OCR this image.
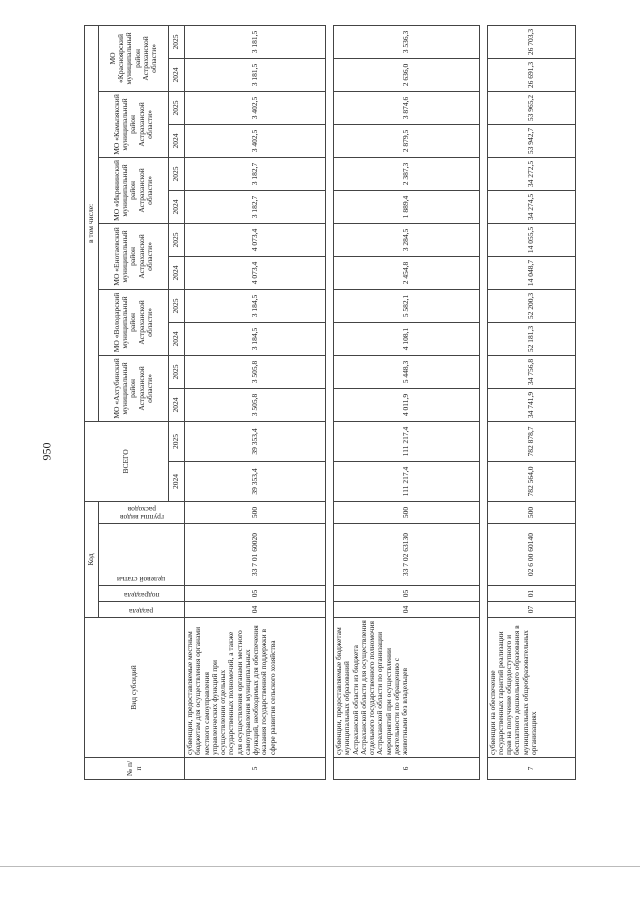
950
№ п/п	Вид субсидий	Код				ВСЕГО		в том числе:											

		раздела	подраздела	целевой статьи	группы видов расходов			МО «Ахтубинский муниципальный район Астраханской области»		МО «Володарский муниципальный район Астраханской области»		МО «Енотаевский муниципальный район Астраханской области»		МО «Икрянинский муниципальный район Астраханской области»		МО «Камызякский муниципальный район Астраханской области»		МО «Красноярский муниципальный район Астраханской области»	

						2024	2025	2024	2025	2024	2025	2024	2025	2024	2025	2024	2025	2024	2025
5	субвенции, предоставляемые местным бюджетам для осуществления органами местного самоуправления управленческих функций при осуществлении отдельных государственных полномочий, а также для осуществления органами местного самоуправления муниципальных функций, необходимых для обеспечения оказания государственной поддержки в сфере развития сельского хозяйства	04	05	33 7 01 60020	500	39 353,4	39 353,4	3 505,8	3 505,8	3 184,5	3 184,5	4 073,4	4 073,4	3 182,7	3 182,7	3 402,5	3 402,5	3 181,5	3 181,5

6	субвенции, предоставляемые бюджетам муниципальных образований Астраханской области из бюджета Астраханской области для осуществления отдельного государственного полномочия Астраханской области по организации мероприятий при осуществлении деятельности по обращению с животными без владельцев	04	05	33 7 02 63130	500	111 217,4	111 217,4	4 011,9	5 448,3	4 108,1	5 582,1	2 454,8	3 284,5	1 889,4	2 387,3	2 879,5	3 874,6	2 636,0	3 536,3

7	субвенции на обеспечение государственных гарантий реализации прав на получение общедоступного и бесплатного дошкольного образования в муниципальных общеобразовательных организациях	07	01	02 6 00 60140	500	782 564,0	782 878,7	34 741,9	34 756,8	52 181,3	52 200,3	14 048,7	14 055,5	34 274,5	34 272,5	53 942,7	53 965,2	26 691,3	26 703,3
